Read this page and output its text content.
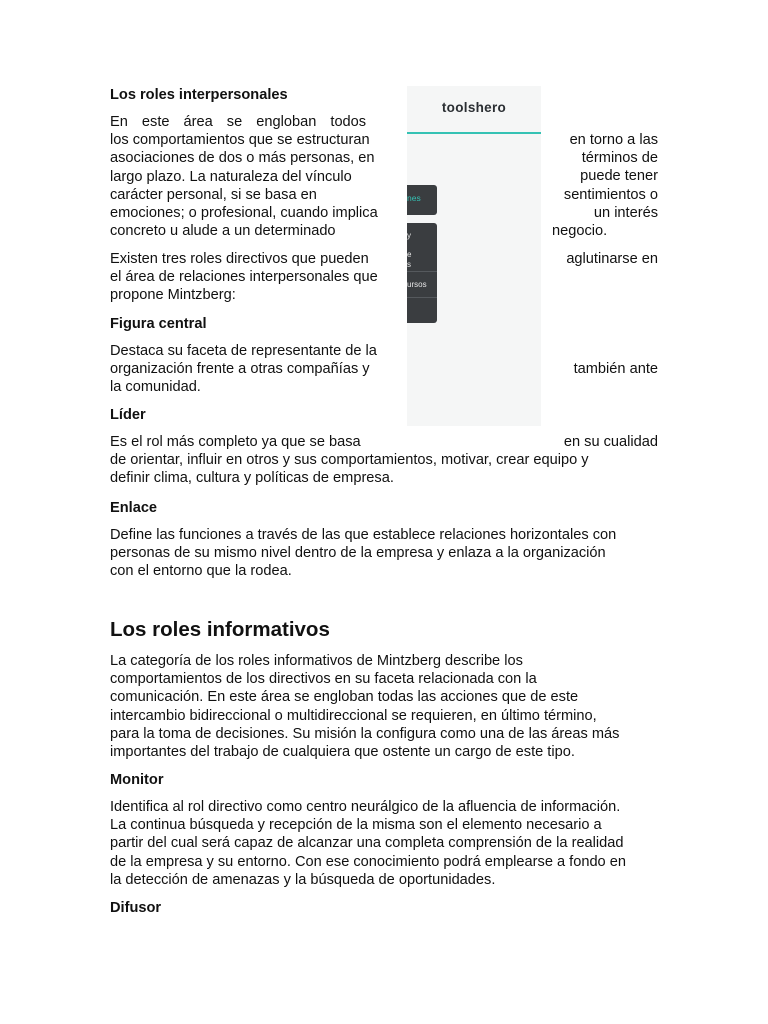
Los roles interpersonales
En este área se engloban todos
los comportamientos que se estructuran
asociaciones de dos o más personas, en
largo plazo. La naturaleza del vínculo
carácter personal, si se basa en
emociones; o profesional, cuando implica
concreto u alude a un determinado
en torno a las
términos de
puede tener
sentimientos o
un interés
negocio.
Existen tres roles directivos que pueden
el área de relaciones interpersonales que
propone Mintzberg:
aglutinarse en
Figura central
Destaca su faceta de representante de la
organización frente a otras compañías y
la comunidad.
también ante
Líder
Es el rol más completo ya que se basa	en su cualidad
de orientar, influir en otros y sus comportamientos, motivar, crear equipo y
definir clima, cultura y políticas de empresa.
Enlace
Define las funciones a través de las que establece relaciones horizontales con
personas de su mismo nivel dentro de la empresa y enlaza a la organización
con el entorno que la rodea.
Los roles informativos
La categoría de los roles informativos de Mintzberg describe los
comportamientos de los directivos en su faceta relacionada con la
comunicación. En este área se engloban todas las acciones que de este
intercambio bidireccional o multidireccional se requieren, en último término,
para la toma de decisiones. Su misión la configura como una de las áreas más
importantes del trabajo de cualquiera que ostente un cargo de este tipo.
Monitor
Identifica al rol directivo como centro neurálgico de la afluencia de información.
La continua búsqueda y recepción de la misma son el elemento necesario a
partir del cual será capaz de alcanzar una completa comprensión de la realidad
de la empresa y su entorno. Con ese conocimiento podrá emplearse a fondo en
la detección de amenazas y la búsqueda de oportunidades.
Difusor
toolshero
nes
y
e
s
ursos
